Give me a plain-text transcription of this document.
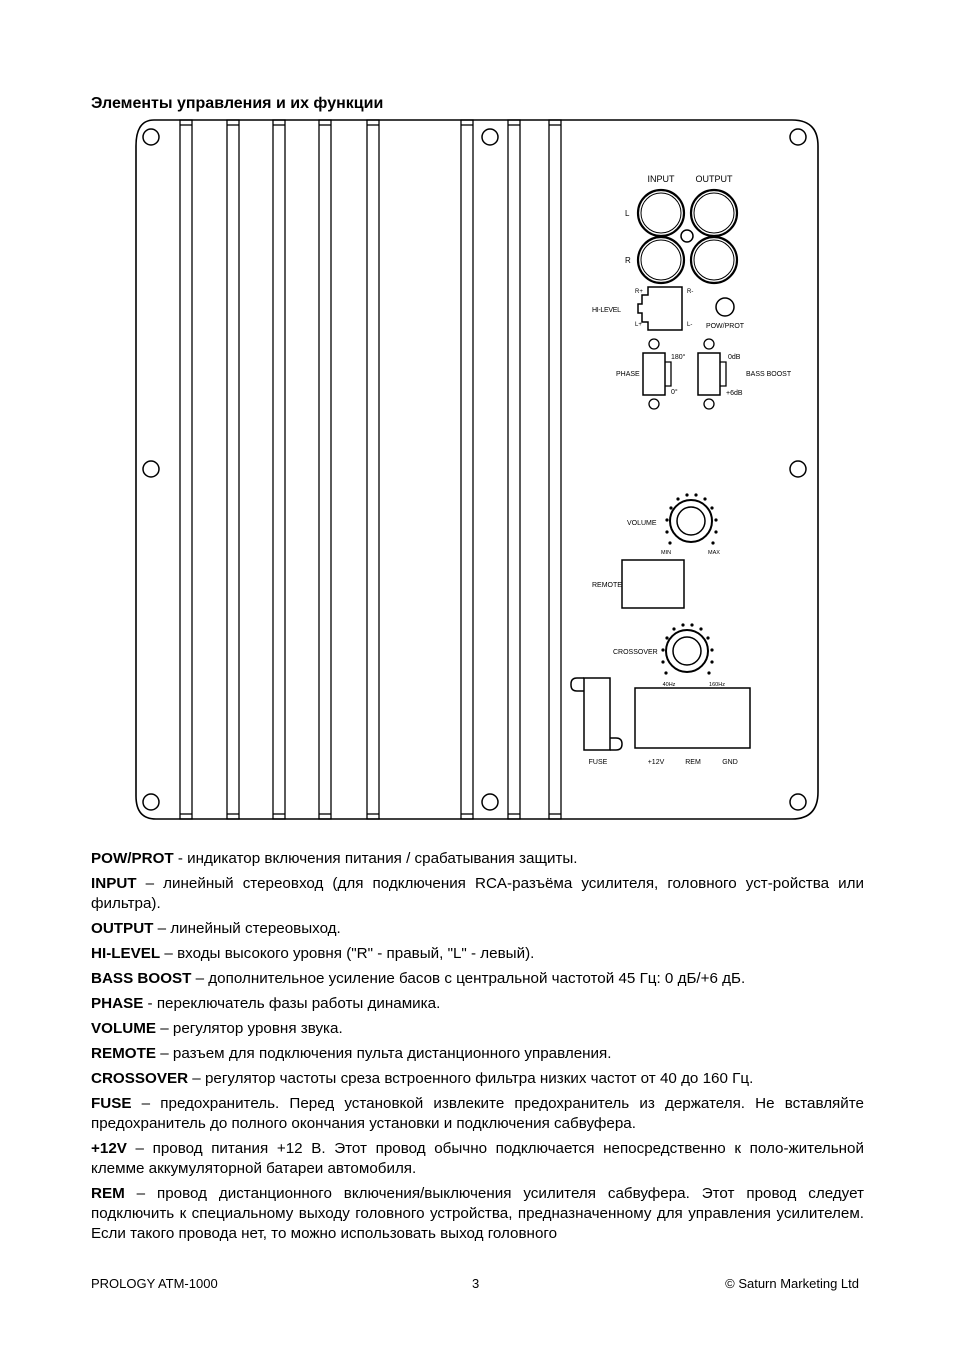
Элементы управления и их функции
INPUT OUTPUT
L
R
HI-LEVEL
R+	R-
L+	L- POW/PROT
PHASE
180°
0°
0dB
+6dB
BASS BOOST
VOLUME
MIN	MAX
REMOTE
CROSSOVER
40Hz	160Hz
FUSE	+12V	REM	GND

POW/PROT - индикатор включения питания / срабатывания защиты.

INPUT – линейный стереовход (для подключения RCA-разъёма усилителя, головного уст-ройства или фильтра).

OUTPUT – линейный стереовыход.

HI-LEVEL – входы высокого уровня ("R" - правый, "L" - левый).

BASS BOOST – дополнительное усиление басов с центральной частотой 45 Гц: 0 дБ/+6 дБ.

PHASE - переключатель фазы работы динамика.

VOLUME – регулятор уровня звука.

REMOTE – разъем для подключения пульта дистанционного управления.

CROSSOVER – регулятор частоты среза встроенного фильтра низких частот от 40 до 160 Гц.

FUSE – предохранитель. Перед установкой извлеките предохранитель из держателя. Не вставляйте предохранитель до полного окончания установки и подключения сабвуфера.

+12V – провод питания +12 В. Этот провод обычно подключается непосредственно к поло-жительной клемме аккумуляторной батареи автомобиля.

REM – провод дистанционного включения/выключения усилителя сабвуфера. Этот провод следует подключить к специальному выходу головного устройства, предназначенному для управления усилителем. Если такого провода нет, то можно использовать выход головного

PROLOGY ATM-1000	3	© Saturn Marketing Ltd
